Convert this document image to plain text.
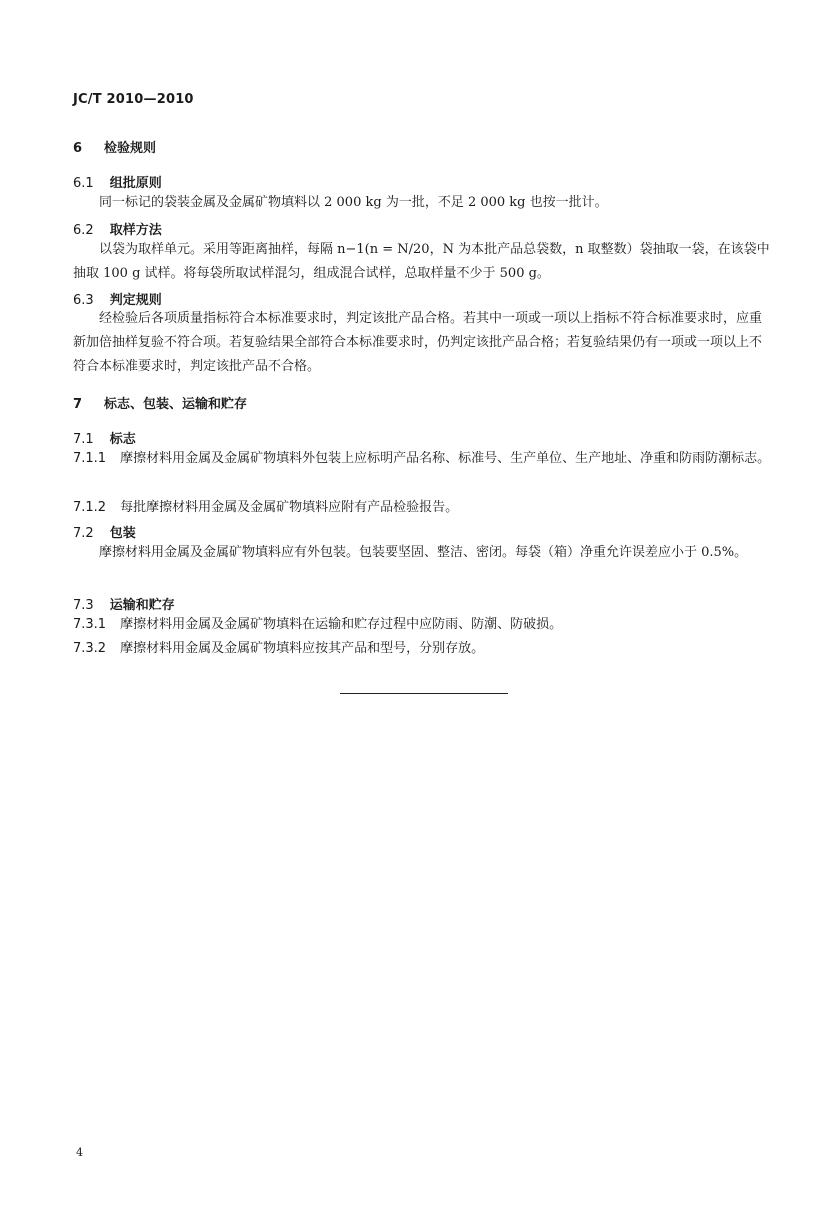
JC/T 2010—2010
6 检验规则
6.1 组批原则
同一标记的袋装金属及金属矿物填料以 2 000 kg 为一批，不足 2 000 kg 也按一批计。
6.2 取样方法
以袋为取样单元。采用等距离抽样，每隔 n−1(n = N/20，N 为本批产品总袋数，n 取整数）袋抽取一袋，在该袋中抽取 100 g 试样。将每袋所取试样混匀，组成混合试样，总取样量不少于 500 g。
6.3 判定规则
经检验后各项质量指标符合本标准要求时，判定该批产品合格。若其中一项或一项以上指标不符合标准要求时，应重新加倍抽样复验不符合项。若复验结果全部符合本标准要求时，仍判定该批产品合格；若复验结果仍有一项或一项以上不符合本标准要求时，判定该批产品不合格。
7 标志、包装、运输和贮存
7.1 标志
7.1.1 摩擦材料用金属及金属矿物填料外包装上应标明产品名称、标准号、生产单位、生产地址、净重和防雨防潮标志。
7.1.2 每批摩擦材料用金属及金属矿物填料应附有产品检验报告。
7.2 包装
摩擦材料用金属及金属矿物填料应有外包装。包装要坚固、整洁、密闭。每袋（箱）净重允许误差应小于 0.5%。
7.3 运输和贮存
7.3.1 摩擦材料用金属及金属矿物填料在运输和贮存过程中应防雨、防潮、防破损。
7.3.2 摩擦材料用金属及金属矿物填料应按其产品和型号，分别存放。
4
